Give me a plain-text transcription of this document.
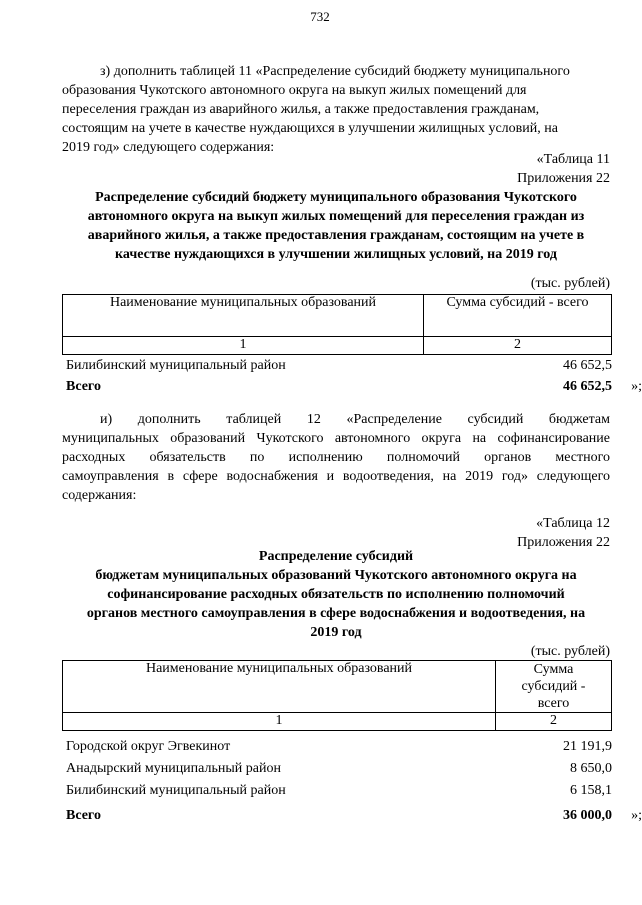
732
з) дополнить таблицей 11 «Распределение субсидий бюджету муниципального
образования Чукотского автономного округа на выкуп жилых помещений для
переселения граждан из аварийного жилья, а также предоставления гражданам,
состоящим на учете в качестве нуждающихся в улучшении жилищных условий, на
2019 год» следующего содержания:
«Таблица 11
Приложения 22
Распределение субсидий бюджету муниципального образования Чукотского
автономного округа на выкуп жилых помещений для переселения граждан из
аварийного жилья, а также предоставления гражданам, состоящим на учете в
качестве нуждающихся в улучшении жилищных условий, на 2019 год
(тыс. рублей)
Наименование муниципальных образований	Сумма субсидий - всего
1	2
Билибинский муниципальный район	46 652,5
Всего	46 652,5 »;
и) дополнить таблицей 12 «Распределение субсидий бюджетам
муниципальных образований Чукотского автономного округа на софинансирование
расходных обязательств по исполнению полномочий органов местного
самоуправления в сфере водоснабжения и водоотведения, на 2019 год» следующего
содержания:
«Таблица 12
Приложения 22
Распределение субсидий
бюджетам муниципальных образований Чукотского автономного округа на
софинансирование расходных обязательств по исполнению полномочий
органов местного самоуправления в сфере водоснабжения и водоотведения, на
2019 год
(тыс. рублей)
Наименование муниципальных образований	Сумма
субсидий -
всего

1	2
Городской округ Эгвекинот	21 191,9
Анадырский муниципальный район	8 650,0
Билибинский муниципальный район	6 158,1
Всего	36 000,0 »;
